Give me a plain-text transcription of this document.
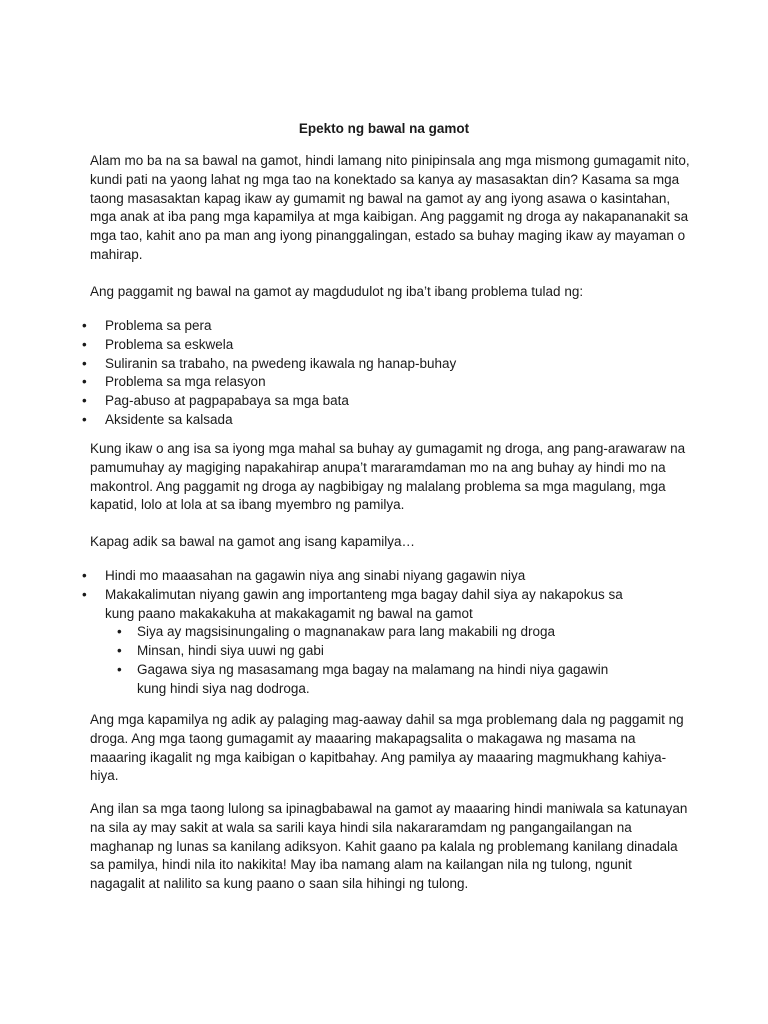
Epekto ng bawal na gamot

Alam mo ba na sa bawal na gamot, hindi lamang nito pinipinsala ang mga mismong gumagamit nito, kundi pati na yaong lahat ng mga tao na konektado sa kanya ay masasaktan din? Kasama sa mga taong masasaktan kapag ikaw ay gumamit ng bawal na gamot ay ang iyong asawa o kasintahan, mga anak at iba pang mga kapamilya at mga kaibigan. Ang paggamit ng droga ay nakapananakit sa mga tao, kahit ano pa man ang iyong pinanggalingan, estado sa buhay maging ikaw ay mayaman o mahirap.

Ang paggamit ng bawal na gamot ay magdudulot ng iba’t ibang problema tulad ng:

• Problema sa pera
• Problema sa eskwela
• Suliranin sa trabaho, na pwedeng ikawala ng hanap-buhay
• Problema sa mga relasyon
• Pag-abuso at pagpapabaya sa mga bata
• Aksidente sa kalsada

Kung ikaw o ang isa sa iyong mga mahal sa buhay ay gumagamit ng droga, ang pang-arawaraw na pamumuhay ay magiging napakahirap anupa’t mararamdaman mo na ang buhay ay hindi mo na makontrol. Ang paggamit ng droga ay nagbibigay ng malalang problema sa mga magulang, mga kapatid, lolo at lola at sa ibang myembro ng pamilya.

Kapag adik sa bawal na gamot ang isang kapamilya…

• Hindi mo maaasahan na gagawin niya ang sinabi niyang gagawin niya
• Makakalimutan niyang gawin ang importanteng mga bagay dahil siya ay nakapokus sa kung paano makakakuha at makakagamit ng bawal na gamot
• Siya ay magsisinungaling o magnanakaw para lang makabili ng droga
• Minsan, hindi siya uuwi ng gabi
• Gagawa siya ng masasamang mga bagay na malamang na hindi niya gagawin kung hindi siya nag dodroga.

Ang mga kapamilya ng adik ay palaging mag-aaway dahil sa mga problemang dala ng paggamit ng droga. Ang mga taong gumagamit ay maaaring makapagsalita o makagawa ng masama na maaaring ikagalit ng mga kaibigan o kapitbahay. Ang pamilya ay maaaring magmukhang kahiya-hiya.

Ang ilan sa mga taong lulong sa ipinagbabawal na gamot ay maaaring hindi maniwala sa katunayan na sila ay may sakit at wala sa sarili kaya hindi sila nakararamdam ng pangangailangan na maghanap ng lunas sa kanilang adiksyon. Kahit gaano pa kalala ng problemang kanilang dinadala sa pamilya, hindi nila ito nakikita! May iba namang alam na kailangan nila ng tulong, ngunit nagagalit at nalilito sa kung paano o saan sila hihingi ng tulong.
